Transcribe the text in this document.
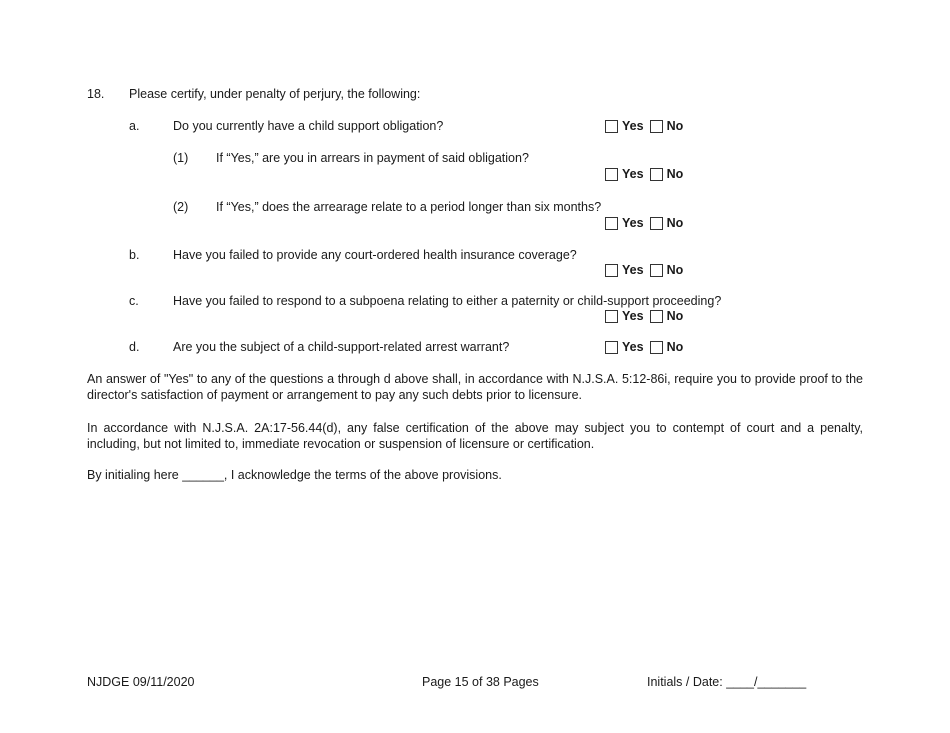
18. Please certify, under penalty of perjury, the following:
a.	Do you currently have a child support obligation?	Yes No
(1) If “Yes,” are you in arrears in payment of said obligation?
Yes No
(2) If “Yes,” does the arrearage relate to a period longer than six months?
Yes No
b.	Have you failed to provide any court-ordered health insurance coverage?
Yes No
c.	Have you failed to respond to a subpoena relating to either a paternity or child-support proceeding?
Yes No
d.	Are you the subject of a child-support-related arrest warrant?	Yes No
An answer of "Yes" to any of the questions a through d above shall, in accordance with N.J.S.A. 5:12-86i, require you to provide proof to the director's satisfaction of payment or arrangement to pay any such debts prior to licensure.
In accordance with N.J.S.A. 2A:17-56.44(d), any false certification of the above may subject you to contempt of court and a penalty, including, but not limited to, immediate revocation or suspension of licensure or certification.
By initialing here ______, I acknowledge the terms of the above provisions.
NJDGE 09/11/2020	Page 15 of 38 Pages	Initials / Date: ____/_______
